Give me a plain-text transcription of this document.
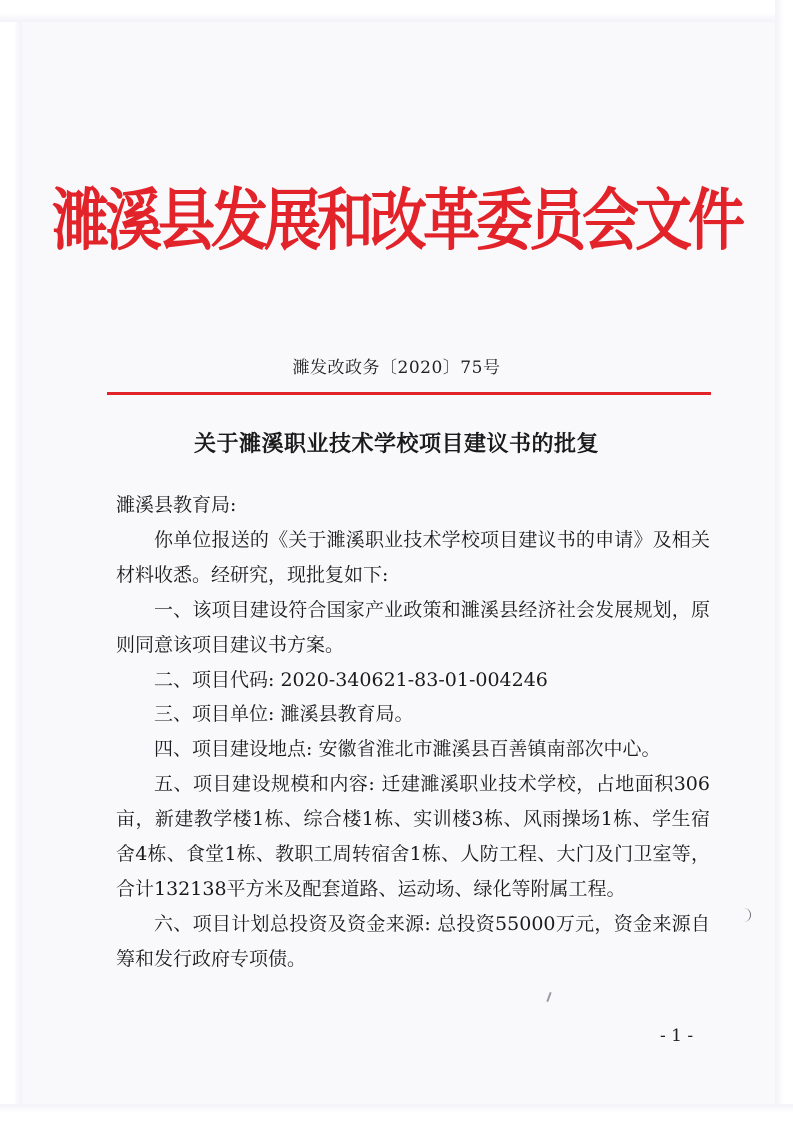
濉溪县发展和改革委员会文件
濉发改政务〔2020〕75号
关于濉溪职业技术学校项目建议书的批复

濉溪县教育局:

你单位报送的《关于濉溪职业技术学校项目建议书的申请》及相关材料收悉。经研究，现批复如下:

一、该项目建设符合国家产业政策和濉溪县经济社会发展规划，原则同意该项目建议书方案。

二、项目代码: 2020-340621-83-01-004246

三、项目单位: 濉溪县教育局。

四、项目建设地点: 安徽省淮北市濉溪县百善镇南部次中心。

五、项目建设规模和内容: 迁建濉溪职业技术学校，占地面积306亩，新建教学楼1栋、综合楼1栋、实训楼3栋、风雨操场1栋、学生宿舍4栋、食堂1栋、教职工周转宿舍1栋、人防工程、大门及门卫室等，合计132138平方米及配套道路、运动场、绿化等附属工程。

六、项目计划总投资及资金来源: 总投资55000万元，资金来源自筹和发行政府专项债。

- 1 -
